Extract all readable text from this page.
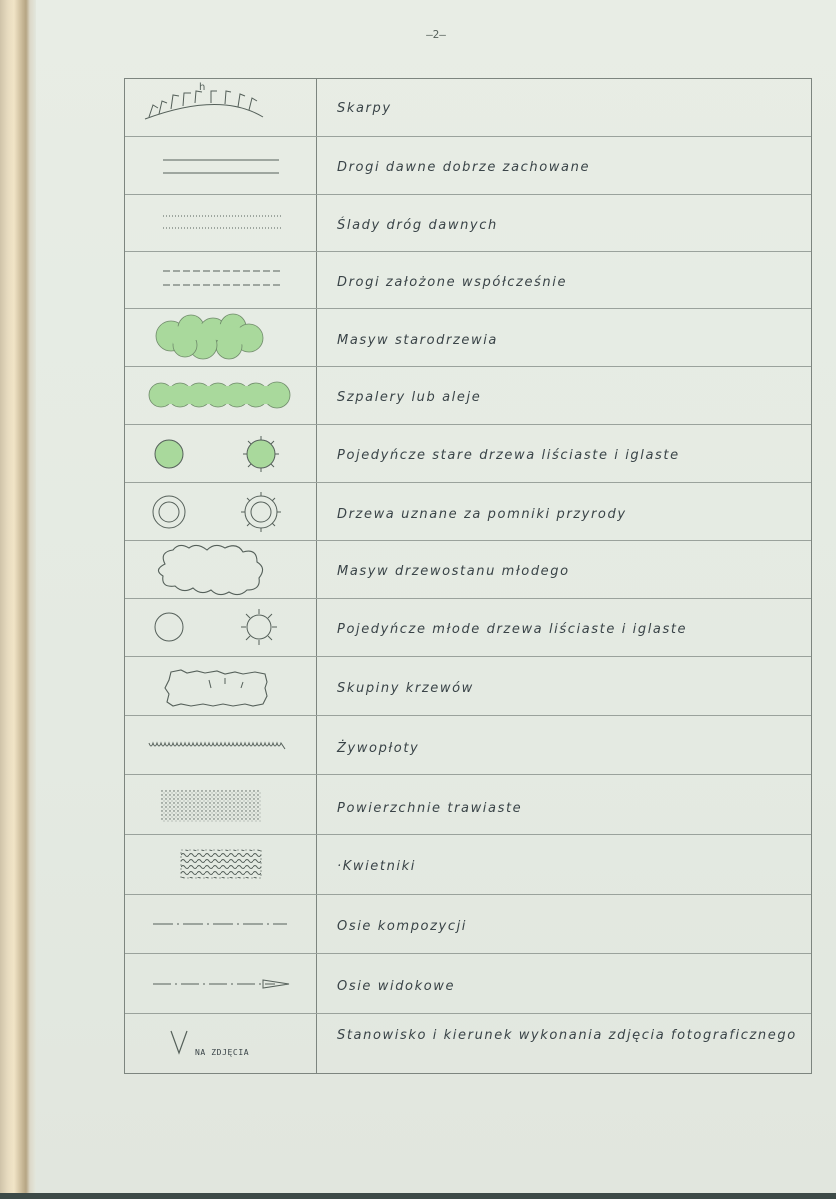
—2—
h
Skarpy
Drogi dawne dobrze zachowane
Ślady dróg dawnych
Drogi założone współcześnie
Masyw starodrzewia
Szpalery lub aleje
Pojedyńcze stare drzewa liściaste i iglaste
Drzewa uznane za pomniki przyrody
Masyw drzewostanu młodego
Pojedyńcze młode drzewa liściaste i iglaste
Skupiny krzewów
Żywopłoty
Powierzchnie trawiaste
·Kwietniki
Osie kompozycji
Osie widokowe
NA ZDJĘCIA
Stanowisko i kierunek wykonania zdjęcia fotograficznego
